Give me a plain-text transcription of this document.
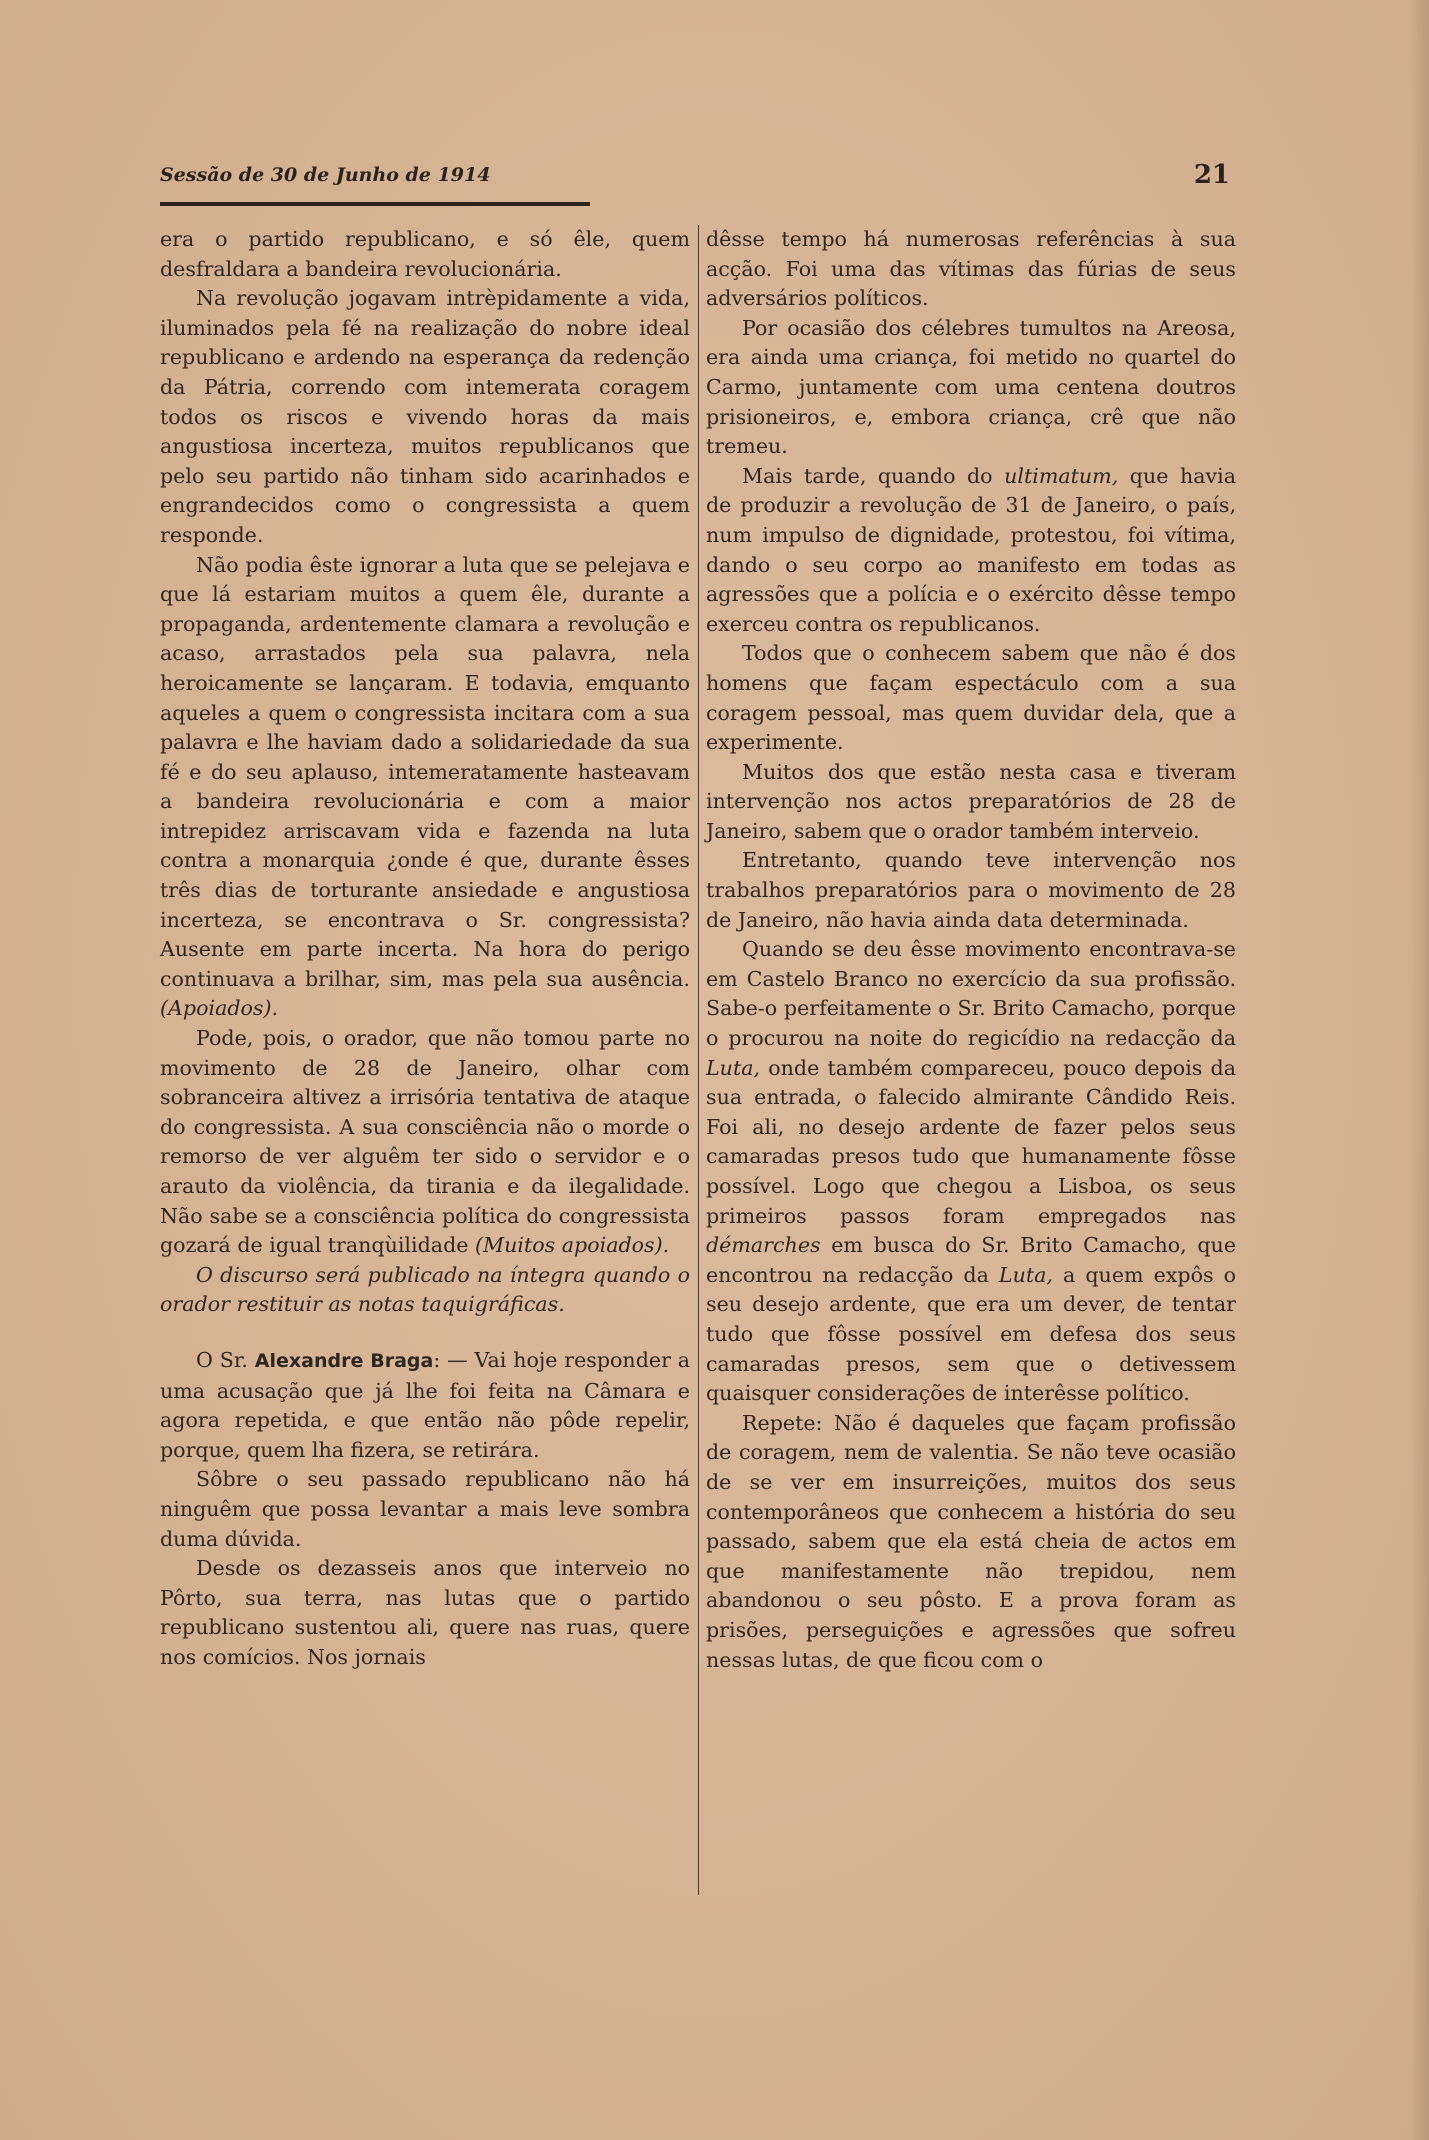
Sessão de 30 de Junho de 1914	21

era o partido republicano, e só êle, quem desfraldara a bandeira revolucionária.

Na revolução jogavam intrèpidamente a vida, iluminados pela fé na realização do nobre ideal republicano e ardendo na esperança da redenção da Pátria, correndo com intemerata coragem todos os riscos e vivendo horas da mais angustiosa incerteza, muitos republicanos que pelo seu partido não tinham sido acarinhados e engrandecidos como o congressista a quem responde.

Não podia êste ignorar a luta que se pelejava e que lá estariam muitos a quem êle, durante a propaganda, ardentemente clamara a revolução e acaso, arrastados pela sua palavra, nela heroicamente se lançaram. E todavia, emquanto aqueles a quem o congressista incitara com a sua palavra e lhe haviam dado a solidariedade da sua fé e do seu aplauso, intemeratamente hasteavam a bandeira revolucionária e com a maior intrepidez arriscavam vida e fazenda na luta contra a monarquia ¿onde é que, durante êsses três dias de torturante ansiedade e angustiosa incerteza, se encontrava o Sr. congressista? Ausente em parte incerta. Na hora do perigo continuava a brilhar, sim, mas pela sua ausência. (Apoiados).

Pode, pois, o orador, que não tomou parte no movimento de 28 de Janeiro, olhar com sobranceira altivez a irrisória tentativa de ataque do congressista. A sua consciência não o morde o remorso de ver alguêm ter sido o servidor e o arauto da violência, da tirania e da ilegalidade. Não sabe se a consciência política do congressista gozará de igual tranqùilidade (Muitos apoiados).

O discurso será publicado na íntegra quando o orador restituir as notas taquigráficas.

O Sr. Alexandre Braga: — Vai hoje responder a uma acusação que já lhe foi feita na Câmara e agora repetida, e que então não pôde repelir, porque, quem lha fizera, se retirára.

Sôbre o seu passado republicano não há ninguêm que possa levantar a mais leve sombra duma dúvida.

Desde os dezasseis anos que interveio no Pôrto, sua terra, nas lutas que o partido republicano sustentou ali, quere nas ruas, quere nos comícios. Nos jornais

dêsse tempo há numerosas referências à sua acção. Foi uma das vítimas das fúrias de seus adversários políticos.

Por ocasião dos célebres tumultos na Areosa, era ainda uma criança, foi metido no quartel do Carmo, juntamente com uma centena doutros prisioneiros, e, embora criança, crê que não tremeu.

Mais tarde, quando do ultimatum, que havia de produzir a revolução de 31 de Janeiro, o país, num impulso de dignidade, protestou, foi vítima, dando o seu corpo ao manifesto em todas as agressões que a polícia e o exército dêsse tempo exerceu contra os republicanos.

Todos que o conhecem sabem que não é dos homens que façam espectáculo com a sua coragem pessoal, mas quem duvidar dela, que a experimente.

Muitos dos que estão nesta casa e tiveram intervenção nos actos preparatórios de 28 de Janeiro, sabem que o orador também interveio.

Entretanto, quando teve intervenção nos trabalhos preparatórios para o movimento de 28 de Janeiro, não havia ainda data determinada.

Quando se deu êsse movimento encontrava-se em Castelo Branco no exercício da sua profissão. Sabe-o perfeitamente o Sr. Brito Camacho, porque o procurou na noite do regicídio na redacção da Luta, onde também compareceu, pouco depois da sua entrada, o falecido almirante Cândido Reis. Foi ali, no desejo ardente de fazer pelos seus camaradas presos tudo que humanamente fôsse possível. Logo que chegou a Lisboa, os seus primeiros passos foram empregados nas démarches em busca do Sr. Brito Camacho, que encontrou na redacção da Luta, a quem expôs o seu desejo ardente, que era um dever, de tentar tudo que fôsse possível em defesa dos seus camaradas presos, sem que o detivessem quaisquer considerações de interêsse político.

Repete: Não é daqueles que façam profissão de coragem, nem de valentia. Se não teve ocasião de se ver em insurreições, muitos dos seus contemporâneos que conhecem a história do seu passado, sabem que ela está cheia de actos em que manifestamente não trepidou, nem abandonou o seu pôsto. E a prova foram as prisões, perseguições e agressões que sofreu nessas lutas, de que ficou com o
